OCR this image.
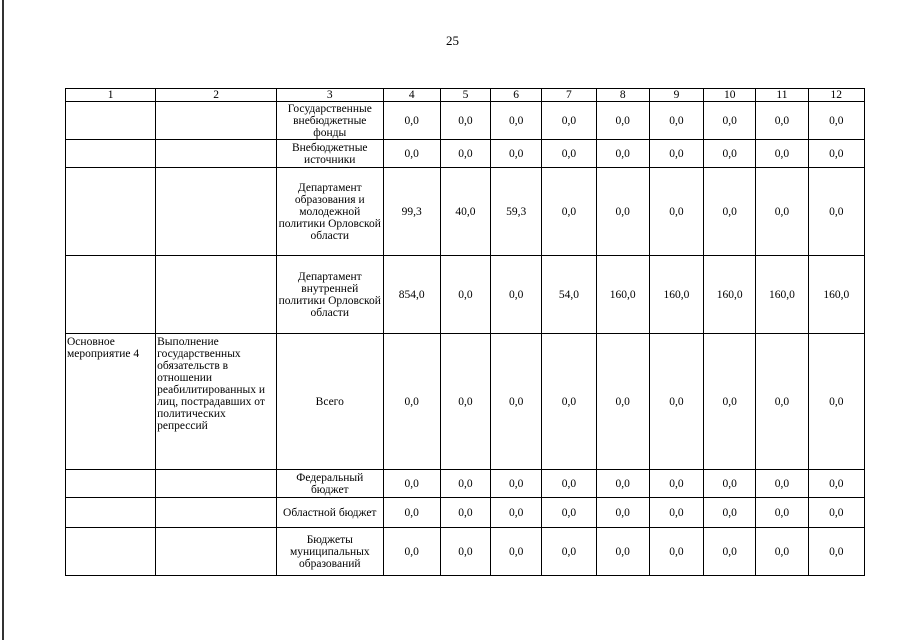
25
1	2	3	4	5	6	7	8	9	10	11	12
		Государственные внебюджетные фонды	0,0	0,0	0,0	0,0	0,0	0,0	0,0	0,0	0,0
		Внебюджетные источники	0,0	0,0	0,0	0,0	0,0	0,0	0,0	0,0	0,0
		Департамент образования и молодежной политики Орловской области	99,3	40,0	59,3	0,0	0,0	0,0	0,0	0,0	0,0
		Департамент внутренней политики Орловской области	854,0	0,0	0,0	54,0	160,0	160,0	160,0	160,0	160,0
Основное мероприятие 4	Выполнение государственных обязательств в отношении реабилитированных и лиц, пострадавших от политических репрессий	Всего	0,0	0,0	0,0	0,0	0,0	0,0	0,0	0,0	0,0
		Федеральный бюджет	0,0	0,0	0,0	0,0	0,0	0,0	0,0	0,0	0,0
		Областной бюджет	0,0	0,0	0,0	0,0	0,0	0,0	0,0	0,0	0,0
		Бюджеты муниципальных образований	0,0	0,0	0,0	0,0	0,0	0,0	0,0	0,0	0,0
